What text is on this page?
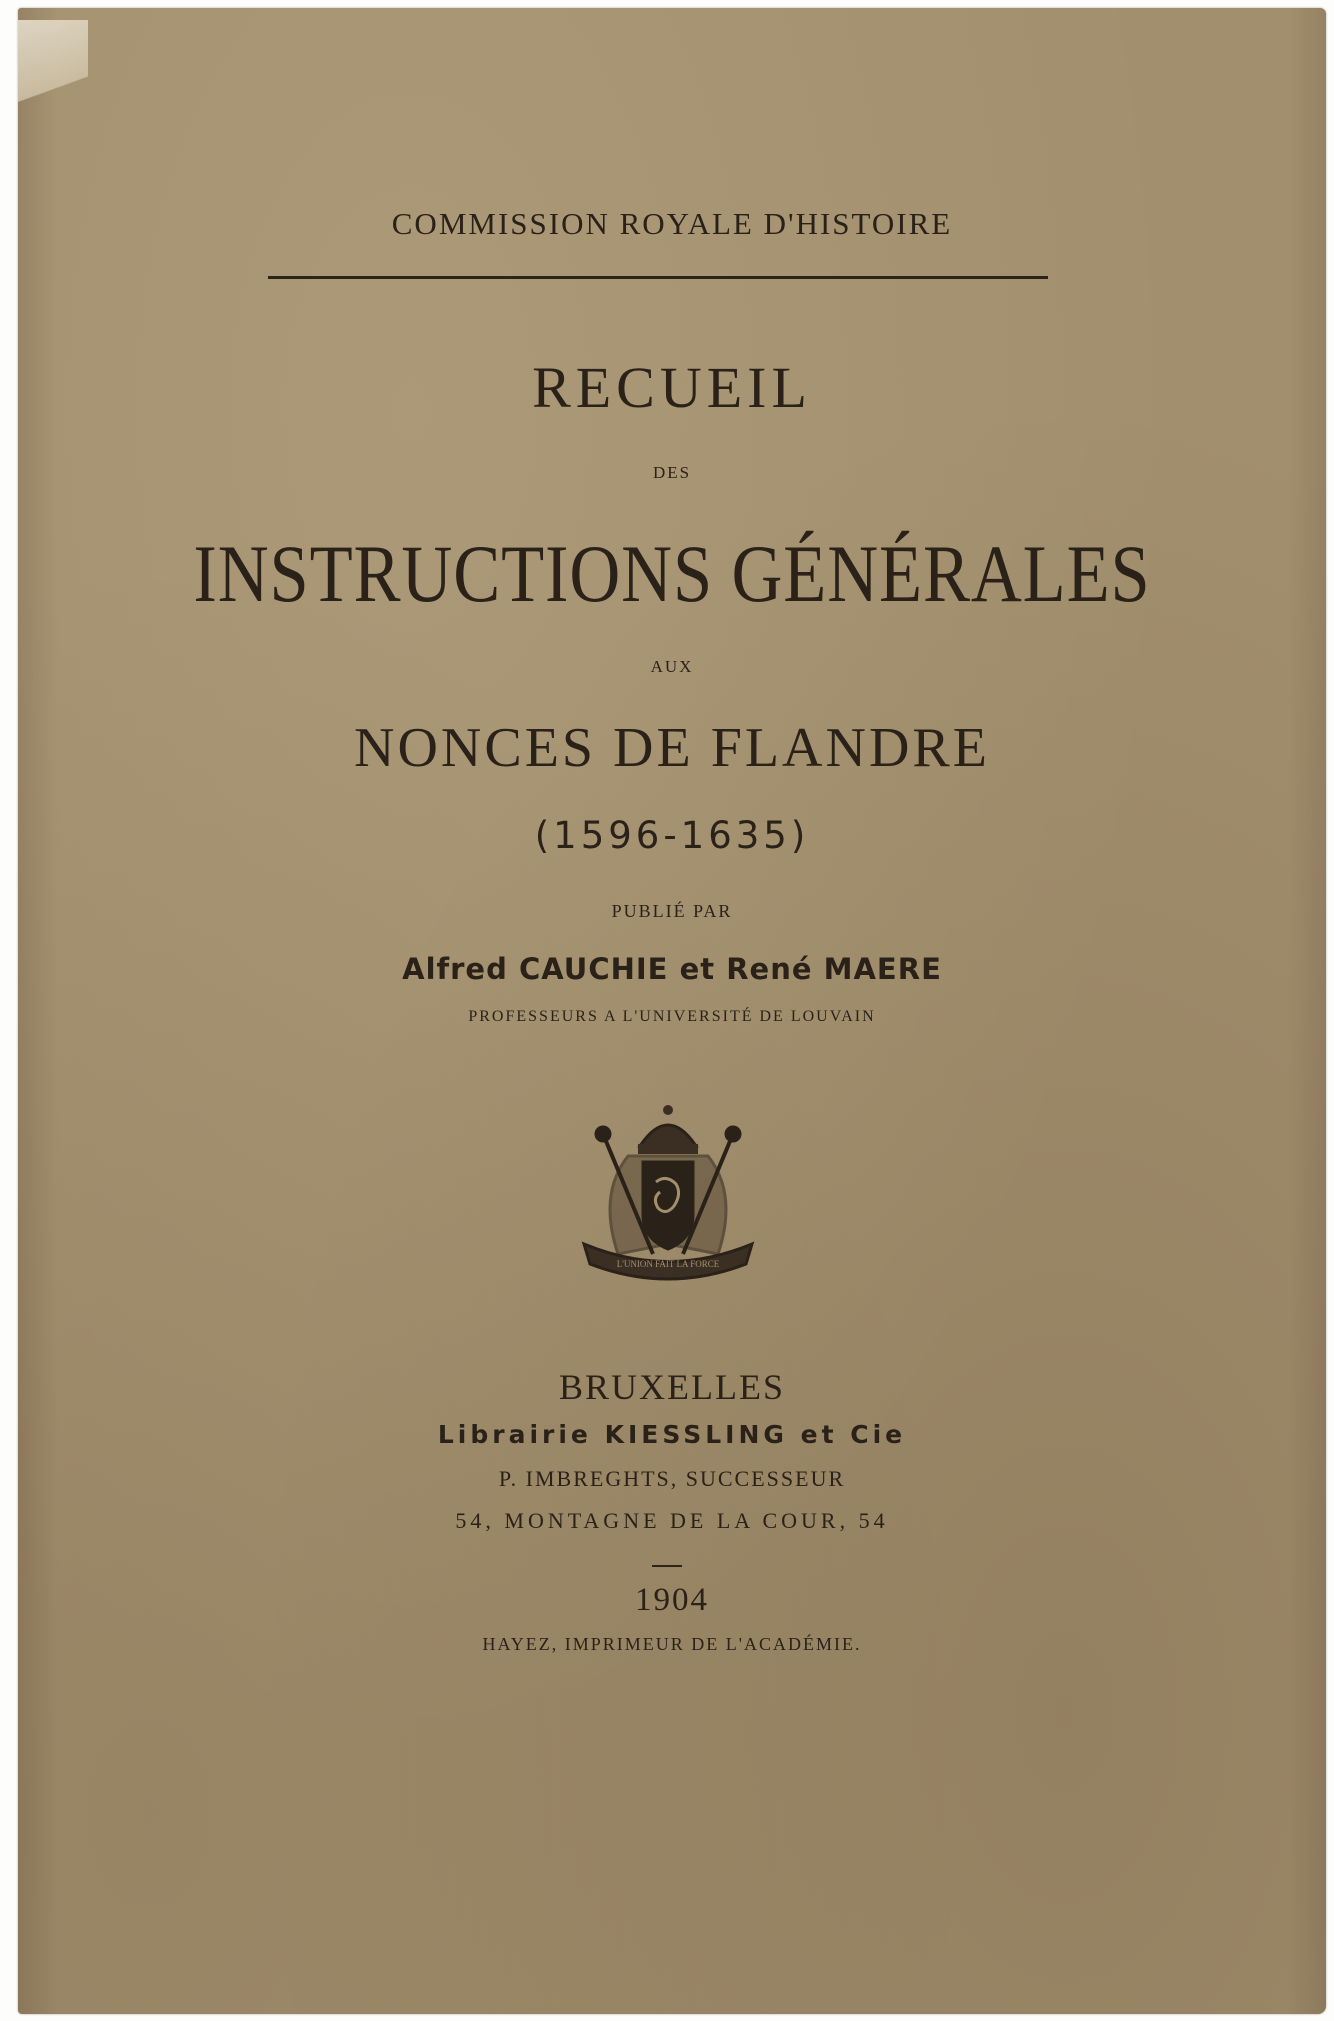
COMMISSION ROYALE D'HISTOIRE

RECUEIL

DES

INSTRUCTIONS GÉNÉRALES

AUX

NONCES DE FLANDRE

(1596-1635)

PUBLIÉ PAR

Alfred CAUCHIE et René MAERE

PROFESSEURS A L'UNIVERSITÉ DE LOUVAIN

L'UNION FAIT LA FORCE

BRUXELLES

Librairie KIESSLING et Cie

P. IMBREGHTS, SUCCESSEUR

54, MONTAGNE DE LA COUR, 54

1904

HAYEZ, IMPRIMEUR DE L'ACADÉMIE.
